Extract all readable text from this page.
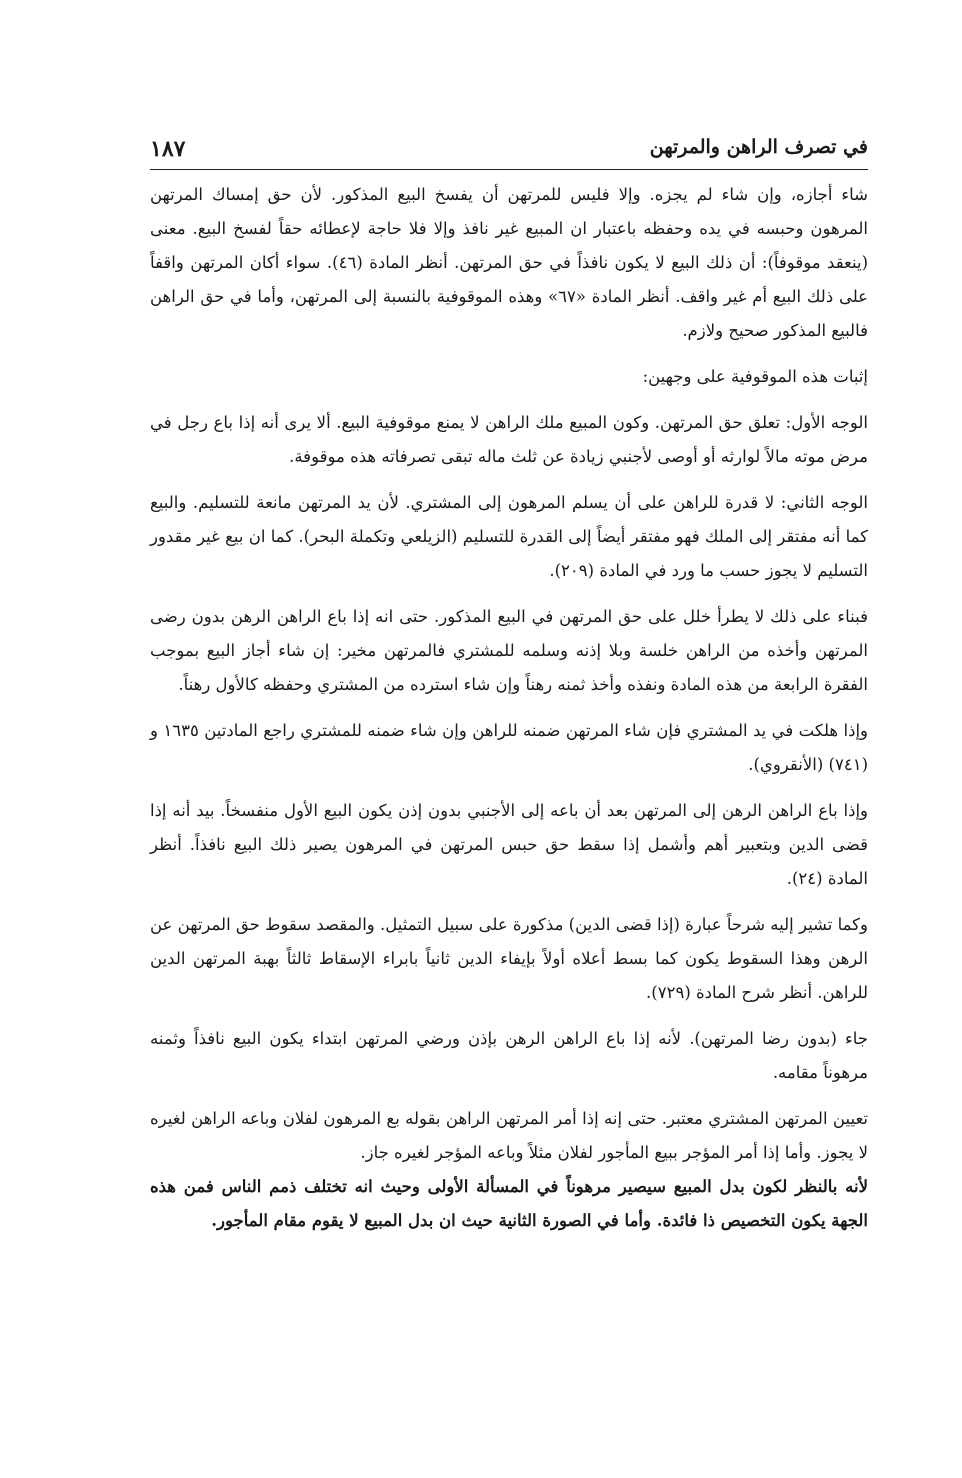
في تصرف الراهن والمرتهن
١٨٧

شاء أجازه، وإن شاء لم يجزه. وإلا فليس للمرتهن أن يفسخ البيع المذكور. لأن حق إمساك المرتهن المرهون وحبسه في يده وحفظه باعتبار ان المبيع غير نافذ وإلا فلا حاجة لإعطائه حقاً لفسخ البيع. معنى (ينعقد موقوفاً): أن ذلك البيع لا يكون نافذاً في حق المرتهن. أنظر المادة (٤٦). سواء أكان المرتهن واقفاً على ذلك البيع أم غير واقف. أنظر المادة «٦٧» وهذه الموقوفية بالنسبة إلى المرتهن، وأما في حق الراهن فالبيع المذكور صحيح ولازم.

إثبات هذه الموقوفية على وجهين:

الوجه الأول: تعلق حق المرتهن. وكون المبيع ملك الراهن لا يمنع موقوفية البيع. ألا يرى أنه إذا باع رجل في مرض موته مالاً لوارثه أو أوصى لأجنبي زيادة عن ثلث ماله تبقى تصرفاته هذه موقوفة.

الوجه الثاني: لا قدرة للراهن على أن يسلم المرهون إلى المشتري. لأن يد المرتهن مانعة للتسليم. والبيع كما أنه مفتقر إلى الملك فهو مفتقر أيضاً إلى القدرة للتسليم (الزيلعي وتكملة البحر). كما ان بيع غير مقدور التسليم لا يجوز حسب ما ورد في المادة (٢٠٩).

فبناء على ذلك لا يطرأ خلل على حق المرتهن في البيع المذكور. حتى انه إذا باع الراهن الرهن بدون رضى المرتهن وأخذه من الراهن خلسة وبلا إذنه وسلمه للمشتري فالمرتهن مخير: إن شاء أجاز البيع بموجب الفقرة الرابعة من هذه المادة ونفذه وأخذ ثمنه رهناً وإن شاء استرده من المشتري وحفظه كالأول رهناً.

وإذا هلكت في يد المشتري فإن شاء المرتهن ضمنه للراهن وإن شاء ضمنه للمشتري راجع المادتين ١٦٣٥ و (٧٤١) (الأنقروي).

وإذا باع الراهن الرهن إلى المرتهن بعد أن باعه إلى الأجنبي بدون إذن يكون البيع الأول منفسخاً. بيد أنه إذا قضى الدين وبتعبير أهم وأشمل إذا سقط حق حبس المرتهن في المرهون يصير ذلك البيع نافذاً. أنظر المادة (٢٤).

وكما تشير إليه شرحاً عبارة (إذا قضى الدين) مذكورة على سبيل التمثيل. والمقصد سقوط حق المرتهن عن الرهن وهذا السقوط يكون كما بسط أعلاه أولاً بإيفاء الدين ثانياً بابراء الإسقاط ثالثاً بهبة المرتهن الدين للراهن. أنظر شرح المادة (٧٢٩).

جاء (بدون رضا المرتهن). لأنه إذا باع الراهن الرهن بإذن ورضي المرتهن ابتداء يكون البيع نافذاً وثمنه مرهوناً مقامه.

تعيين المرتهن المشتري معتبر. حتى إنه إذا أمر المرتهن الراهن بقوله بع المرهون لفلان وباعه الراهن لغيره لا يجوز. وأما إذا أمر المؤجر ببيع المأجور لفلان مثلاً وباعه المؤجر لغيره جاز.

لأنه بالنظر لكون بدل المبيع سيصير مرهوناً في المسألة الأولى وحيث انه تختلف ذمم الناس فمن هذه الجهة يكون التخصيص ذا فائدة. وأما في الصورة الثانية حيث ان بدل المبيع لا يقوم مقام المأجور.
